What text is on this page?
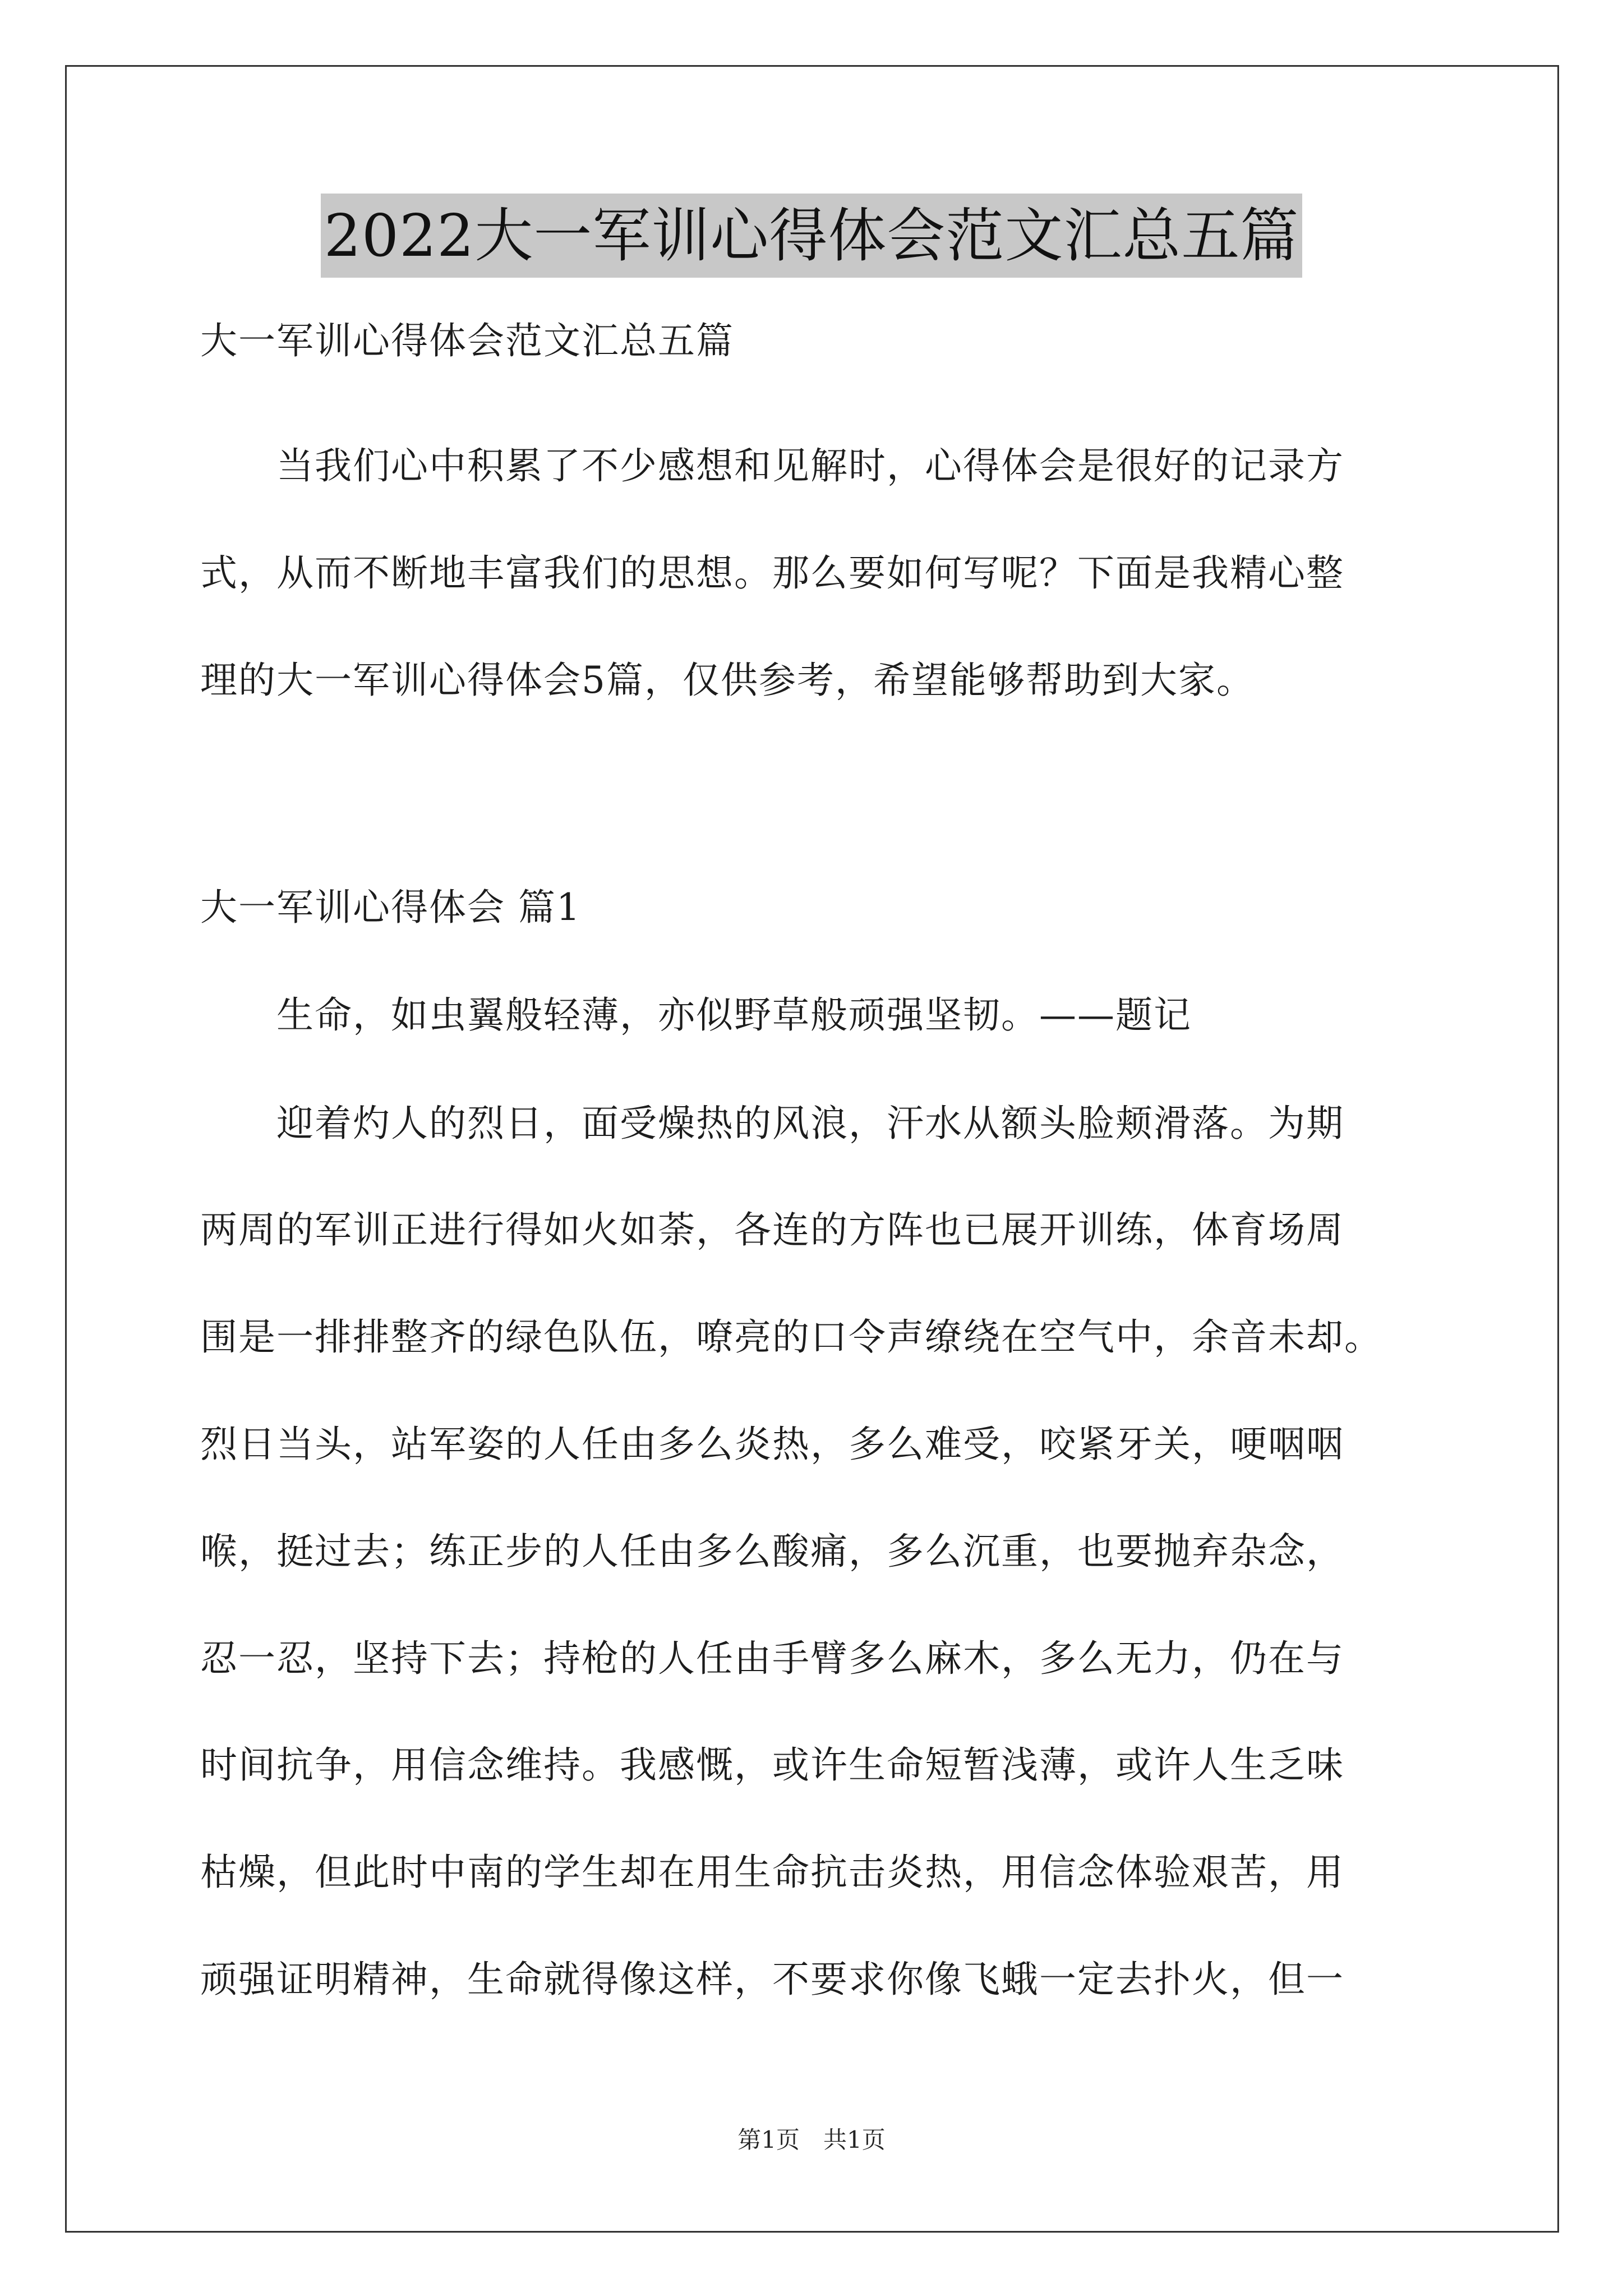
2022大一军训心得体会范文汇总五篇
大一军训心得体会范文汇总五篇
　　当我们心中积累了不少感想和见解时，心得体会是很好的记录方
式，从而不断地丰富我们的思想。那么要如何写呢？下面是我精心整
理的大一军训心得体会5篇，仅供参考，希望能够帮助到大家。
大一军训心得体会 篇1
　　生命，如虫翼般轻薄，亦似野草般顽强坚韧。——题记
　　迎着灼人的烈日，面受燥热的风浪，汗水从额头脸颊滑落。为期
两周的军训正进行得如火如荼，各连的方阵也已展开训练，体育场周
围是一排排整齐的绿色队伍，嘹亮的口令声缭绕在空气中，余音未却。
烈日当头，站军姿的人任由多么炎热，多么难受，咬紧牙关，哽咽咽
喉，挺过去；练正步的人任由多么酸痛，多么沉重，也要抛弃杂念，
忍一忍，坚持下去；持枪的人任由手臂多么麻木，多么无力，仍在与
时间抗争，用信念维持。我感慨，或许生命短暂浅薄，或许人生乏味
枯燥，但此时中南的学生却在用生命抗击炎热，用信念体验艰苦，用
顽强证明精神，生命就得像这样，不要求你像飞蛾一定去扑火，但一
第1页　共1页
